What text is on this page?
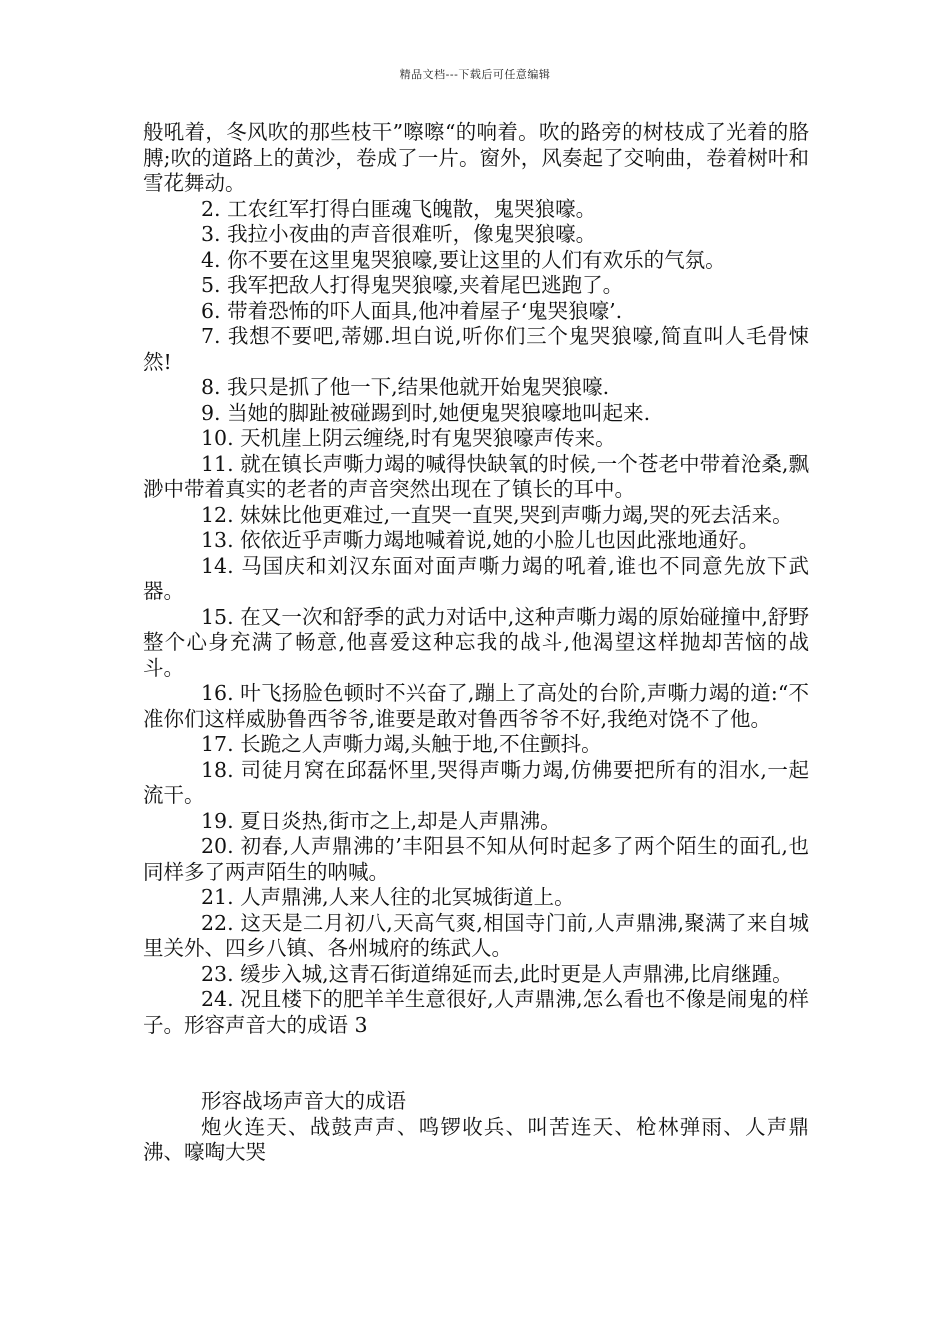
精品文档---下载后可任意编辑

般吼着，冬风吹的那些枝干”嚓嚓“的响着。吹的路旁的树枝成了光着的胳膊;吹的道路上的黄沙，卷成了一片。窗外，风奏起了交响曲，卷着树叶和雪花舞动。

2. 工农红军打得白匪魂飞魄散，鬼哭狼嚎。

3. 我拉小夜曲的声音很难听，像鬼哭狼嚎。

4. 你不要在这里鬼哭狼嚎,要让这里的人们有欢乐的气氛。

5. 我军把敌人打得鬼哭狼嚎,夹着尾巴逃跑了。

6. 带着恐怖的吓人面具,他冲着屋子‘鬼哭狼嚎’.

7. 我想不要吧,蒂娜.坦白说,听你们三个鬼哭狼嚎,简直叫人毛骨悚然!

8. 我只是抓了他一下,结果他就开始鬼哭狼嚎.

9. 当她的脚趾被碰踢到时,她便鬼哭狼嚎地叫起来.

10. 天机崖上阴云缠绕,时有鬼哭狼嚎声传来。

11. 就在镇长声嘶力竭的喊得快缺氧的时候,一个苍老中带着沧桑,飘渺中带着真实的老者的声音突然出现在了镇长的耳中。

12. 妹妹比他更难过,一直哭一直哭,哭到声嘶力竭,哭的死去活来。

13. 依依近乎声嘶力竭地喊着说,她的小脸儿也因此涨地通好。

14. 马国庆和刘汉东面对面声嘶力竭的吼着,谁也不同意先放下武器。

15. 在又一次和舒季的武力对话中,这种声嘶力竭的原始碰撞中,舒野整个心身充满了畅意,他喜爱这种忘我的战斗,他渴望这样抛却苦恼的战斗。

16. 叶飞扬脸色顿时不兴奋了,蹦上了高处的台阶,声嘶力竭的道:“不准你们这样威胁鲁西爷爷,谁要是敢对鲁西爷爷不好,我绝对饶不了他。

17. 长跪之人声嘶力竭,头触于地,不住颤抖。

18. 司徒月窝在邱磊怀里,哭得声嘶力竭,仿佛要把所有的泪水,一起流干。

19. 夏日炎热,街市之上,却是人声鼎沸。

20. 初春,人声鼎沸的’丰阳县不知从何时起多了两个陌生的面孔,也同样多了两声陌生的呐喊。

21. 人声鼎沸,人来人往的北冥城街道上。

22. 这天是二月初八,天高气爽,相国寺门前,人声鼎沸,聚满了来自城里关外、四乡八镇、各州城府的练武人。

23. 缓步入城,这青石街道绵延而去,此时更是人声鼎沸,比肩继踵。

24. 况且楼下的肥羊羊生意很好,人声鼎沸,怎么看也不像是闹鬼的样子。形容声音大的成语 3

形容战场声音大的成语

炮火连天、战鼓声声、鸣锣收兵、叫苦连天、枪林弹雨、人声鼎沸、嚎啕大哭
